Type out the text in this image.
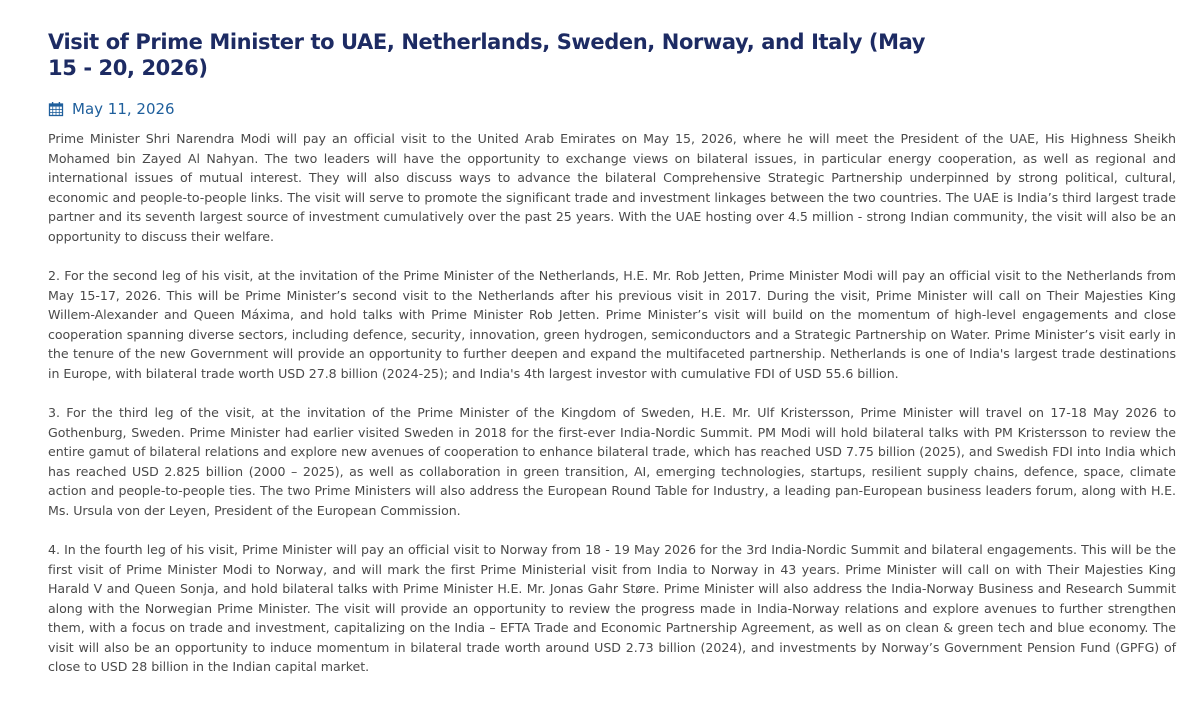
Visit of Prime Minister to UAE, Netherlands, Sweden, Norway, and Italy (May 15 - 20, 2026)
May 11, 2026

Prime Minister Shri Narendra Modi will pay an official visit to the United Arab Emirates on May 15, 2026, where he will meet the President of the UAE, His Highness Sheikh Mohamed bin Zayed Al Nahyan. The two leaders will have the opportunity to exchange views on bilateral issues, in particular energy cooperation, as well as regional and international issues of mutual interest. They will also discuss ways to advance the bilateral Comprehensive Strategic Partnership underpinned by strong political, cultural, economic and people-to-people links. The visit will serve to promote the significant trade and investment linkages between the two countries. The UAE is India’s third largest trade partner and its seventh largest source of investment cumulatively over the past 25 years. With the UAE hosting over 4.5 million - strong Indian community, the visit will also be an opportunity to discuss their welfare.

2. For the second leg of his visit, at the invitation of the Prime Minister of the Netherlands, H.E. Mr. Rob Jetten, Prime Minister Modi will pay an official visit to the Netherlands from May 15-17, 2026. This will be Prime Minister’s second visit to the Netherlands after his previous visit in 2017. During the visit, Prime Minister will call on Their Majesties King Willem-Alexander and Queen Máxima, and hold talks with Prime Minister Rob Jetten. Prime Minister’s visit will build on the momentum of high-level engagements and close cooperation spanning diverse sectors, including defence, security, innovation, green hydrogen, semiconductors and a Strategic Partnership on Water. Prime Minister’s visit early in the tenure of the new Government will provide an opportunity to further deepen and expand the multifaceted partnership. Netherlands is one of India's largest trade destinations in Europe, with bilateral trade worth USD 27.8 billion (2024-25); and India's 4th largest investor with cumulative FDI of USD 55.6 billion.

3. For the third leg of the visit, at the invitation of the Prime Minister of the Kingdom of Sweden, H.E. Mr. Ulf Kristersson, Prime Minister will travel on 17-18 May 2026 to Gothenburg, Sweden. Prime Minister had earlier visited Sweden in 2018 for the first-ever India-Nordic Summit. PM Modi will hold bilateral talks with PM Kristersson to review the entire gamut of bilateral relations and explore new avenues of cooperation to enhance bilateral trade, which has reached USD 7.75 billion (2025), and Swedish FDI into India which has reached USD 2.825 billion (2000 – 2025), as well as collaboration in green transition, AI, emerging technologies, startups, resilient supply chains, defence, space, climate action and people-to-people ties. The two Prime Ministers will also address the European Round Table for Industry, a leading pan-European business leaders forum, along with H.E. Ms. Ursula von der Leyen, President of the European Commission.

4. In the fourth leg of his visit, Prime Minister will pay an official visit to Norway from 18 - 19 May 2026 for the 3rd India-Nordic Summit and bilateral engagements. This will be the first visit of Prime Minister Modi to Norway, and will mark the first Prime Ministerial visit from India to Norway in 43 years. Prime Minister will call on with Their Majesties King Harald V and Queen Sonja, and hold bilateral talks with Prime Minister H.E. Mr. Jonas Gahr Støre. Prime Minister will also address the India-Norway Business and Research Summit along with the Norwegian Prime Minister. The visit will provide an opportunity to review the progress made in India-Norway relations and explore avenues to further strengthen them, with a focus on trade and investment, capitalizing on the India – EFTA Trade and Economic Partnership Agreement, as well as on clean & green tech and blue economy. The visit will also be an opportunity to induce momentum in bilateral trade worth around USD 2.73 billion (2024), and investments by Norway’s Government Pension Fund (GPFG) of close to USD 28 billion in the Indian capital market.
